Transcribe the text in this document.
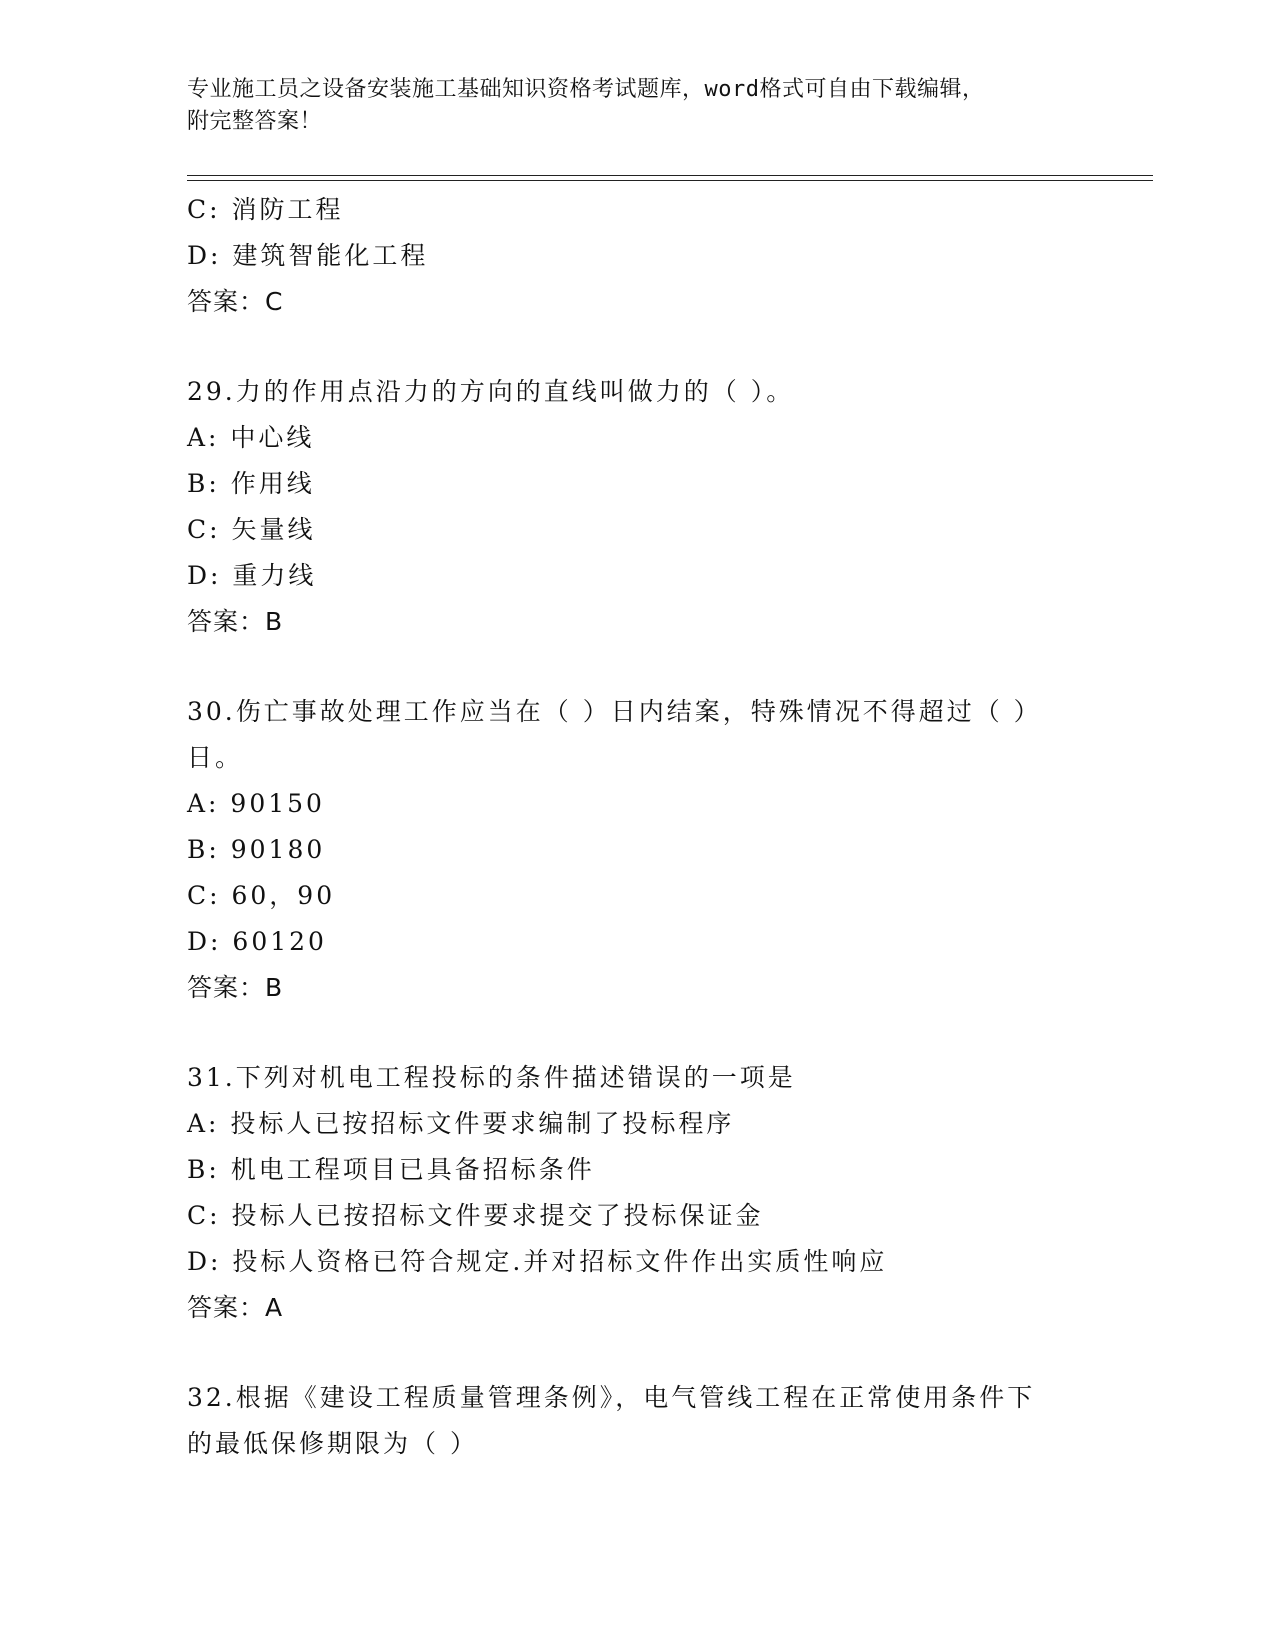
专业施工员之设备安装施工基础知识资格考试题库，word格式可自由下载编辑，
附完整答案！
C: 消防工程
D: 建筑智能化工程
答案：C
29.力的作用点沿力的方向的直线叫做力的（ ）。
A: 中心线
B: 作用线
C: 矢量线
D: 重力线
答案：B
30.伤亡事故处理工作应当在（ ）日内结案，特殊情况不得超过（ ）
日。
A: 90150
B: 90180
C: 60，90
D: 60120
答案：B
31.下列对机电工程投标的条件描述错误的一项是
A: 投标人已按招标文件要求编制了投标程序
B: 机电工程项目已具备招标条件
C: 投标人已按招标文件要求提交了投标保证金
D: 投标人资格已符合规定.并对招标文件作出实质性响应
答案：A
32.根据《建设工程质量管理条例》，电气管线工程在正常使用条件下
的最低保修期限为（ ）
